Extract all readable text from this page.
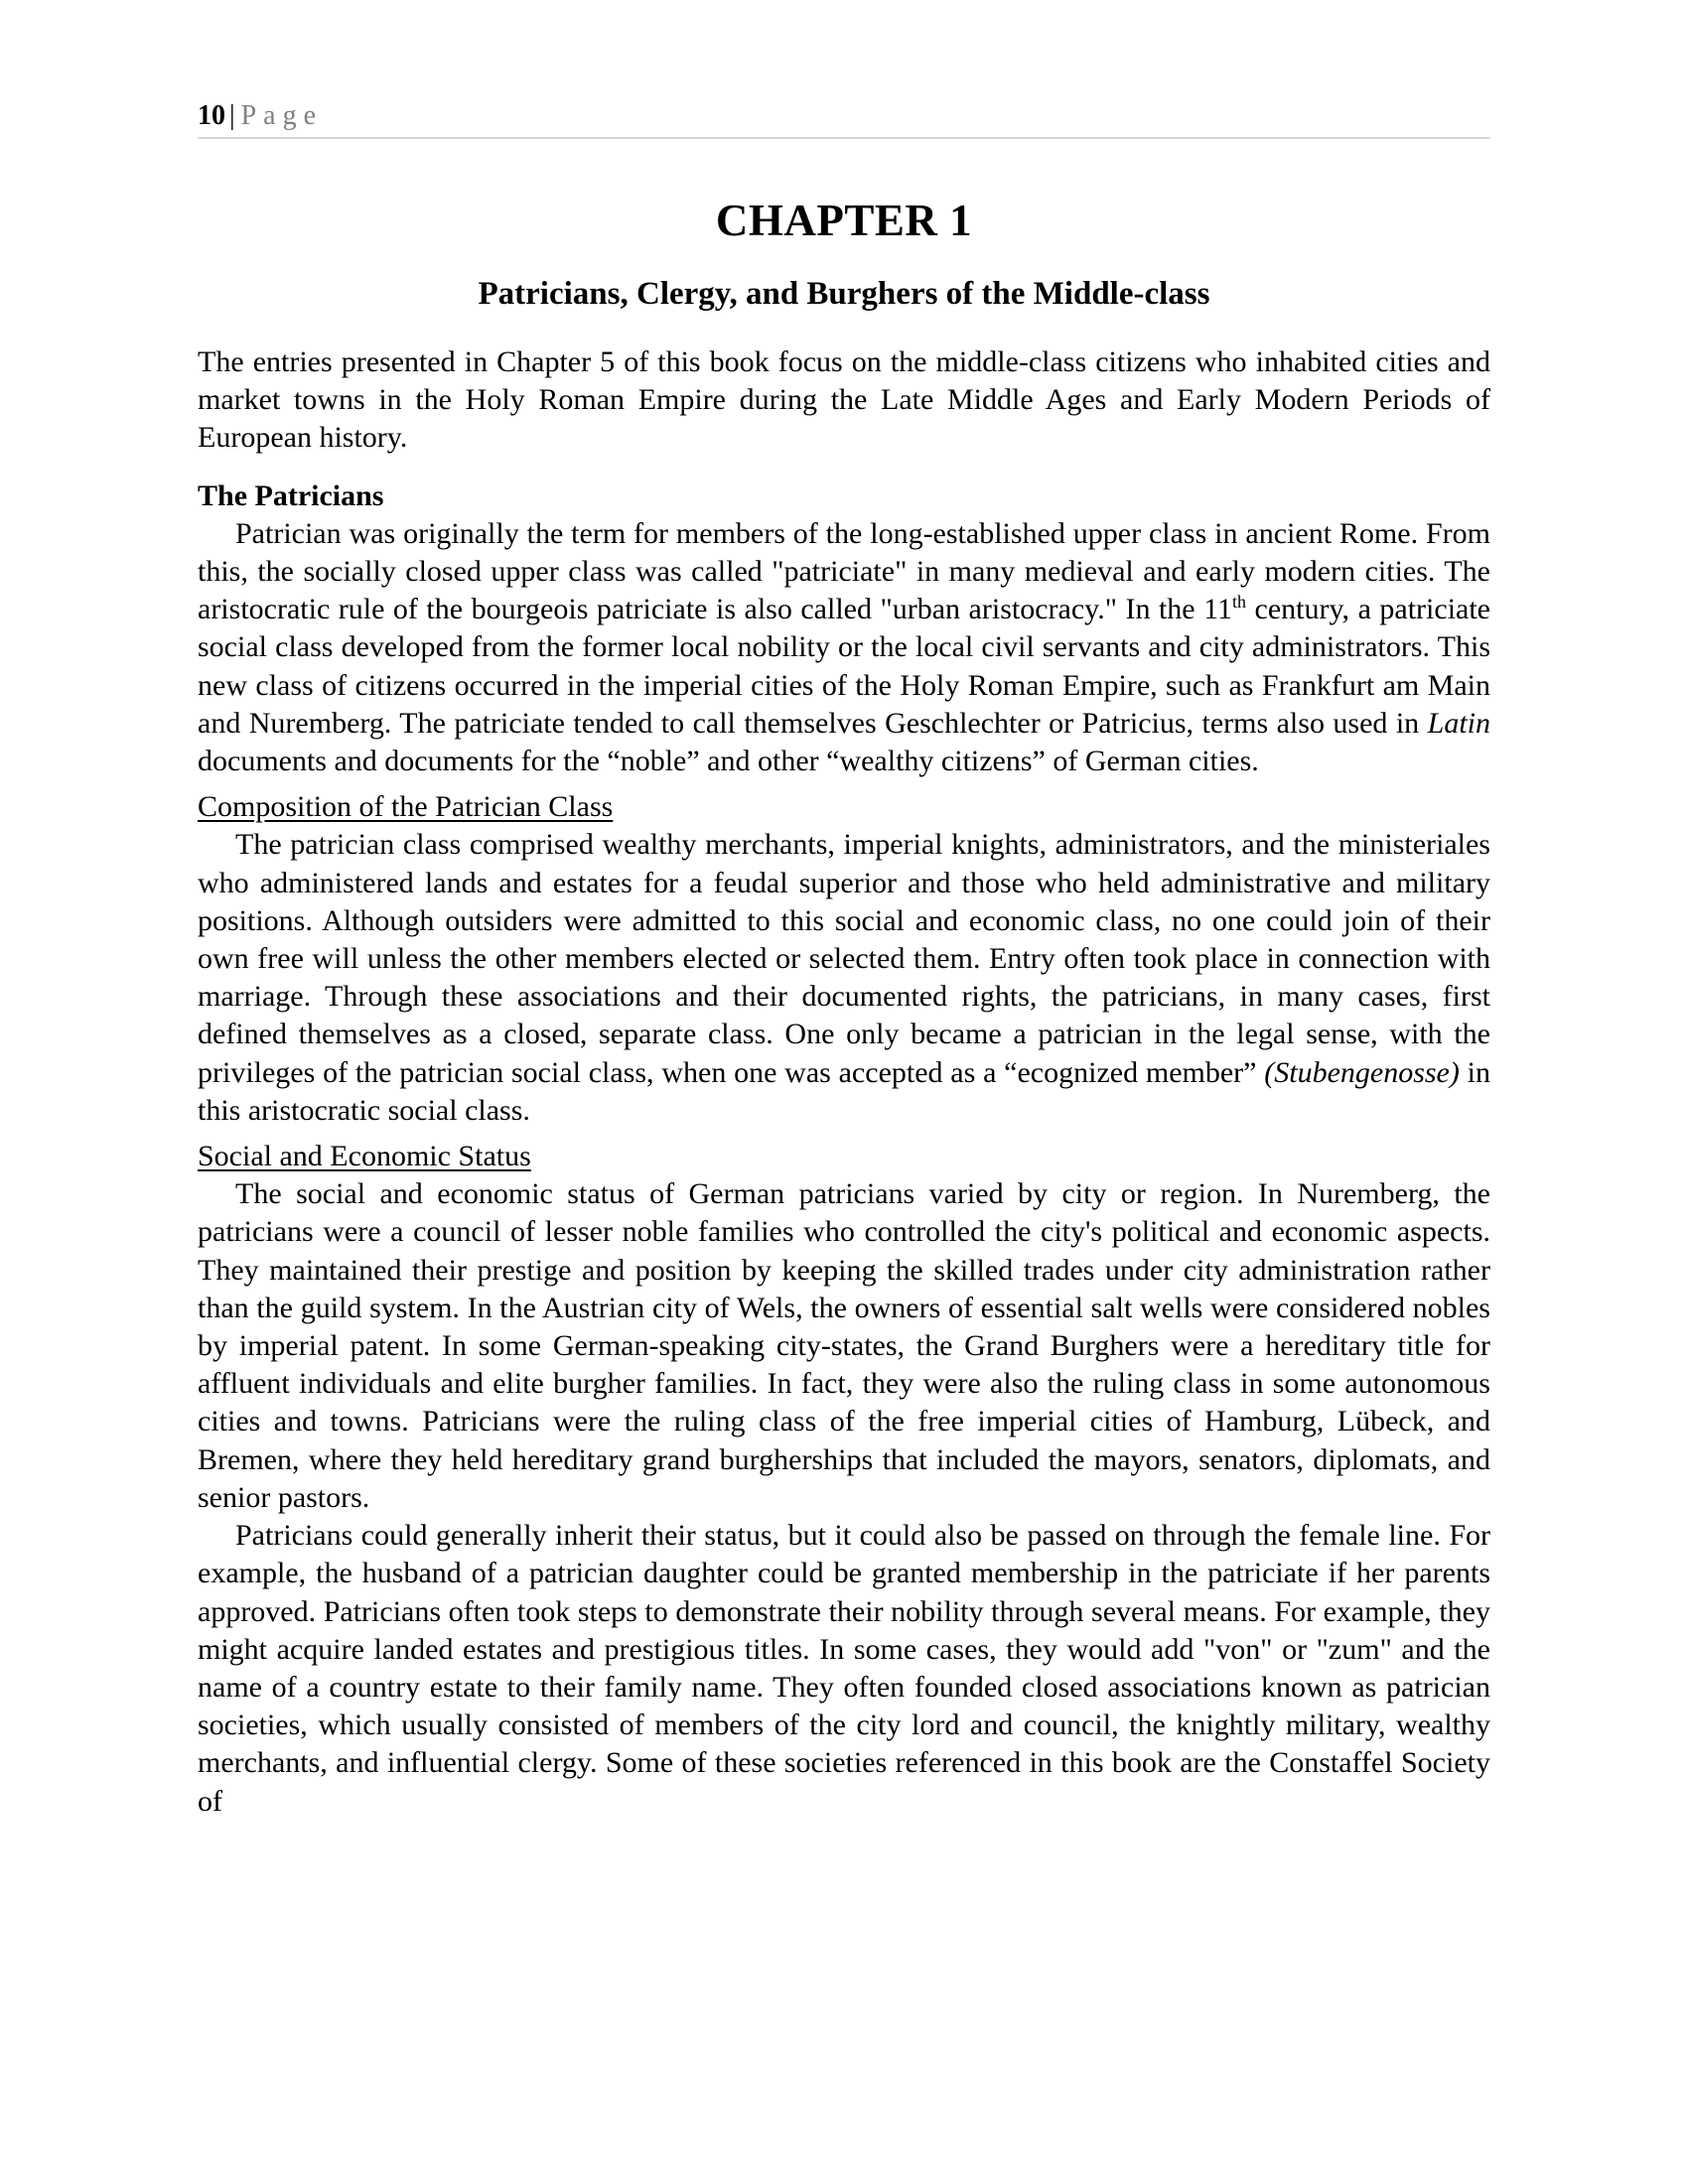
10 | Page
CHAPTER 1
Patricians, Clergy, and Burghers of the Middle-class

The entries presented in Chapter 5 of this book focus on the middle-class citizens who inhabited cities and market towns in the Holy Roman Empire during the Late Middle Ages and Early Modern Periods of European history.

The Patricians

Patrician was originally the term for members of the long-established upper class in ancient Rome. From this, the socially closed upper class was called "patriciate" in many medieval and early modern cities. The aristocratic rule of the bourgeois patriciate is also called "urban aristocracy." In the 11th century, a patriciate social class developed from the former local nobility or the local civil servants and city administrators. This new class of citizens occurred in the imperial cities of the Holy Roman Empire, such as Frankfurt am Main and Nuremberg. The patriciate tended to call themselves Geschlechter or Patricius, terms also used in Latin documents and documents for the “noble” and other “wealthy citizens” of German cities.

Composition of the Patrician Class

The patrician class comprised wealthy merchants, imperial knights, administrators, and the ministeriales who administered lands and estates for a feudal superior and those who held administrative and military positions. Although outsiders were admitted to this social and economic class, no one could join of their own free will unless the other members elected or selected them. Entry often took place in connection with marriage. Through these associations and their documented rights, the patricians, in many cases, first defined themselves as a closed, separate class. One only became a patrician in the legal sense, with the privileges of the patrician social class, when one was accepted as a “ecognized member” (Stubengenosse) in this aristocratic social class.

Social and Economic Status

The social and economic status of German patricians varied by city or region. In Nuremberg, the patricians were a council of lesser noble families who controlled the city's political and economic aspects. They maintained their prestige and position by keeping the skilled trades under city administration rather than the guild system. In the Austrian city of Wels, the owners of essential salt wells were considered nobles by imperial patent. In some German-speaking city-states, the Grand Burghers were a hereditary title for affluent individuals and elite burgher families. In fact, they were also the ruling class in some autonomous cities and towns. Patricians were the ruling class of the free imperial cities of Hamburg, Lübeck, and Bremen, where they held hereditary grand burgherships that included the mayors, senators, diplomats, and senior pastors.

Patricians could generally inherit their status, but it could also be passed on through the female line. For example, the husband of a patrician daughter could be granted membership in the patriciate if her parents approved. Patricians often took steps to demonstrate their nobility through several means. For example, they might acquire landed estates and prestigious titles. In some cases, they would add "von" or "zum" and the name of a country estate to their family name. They often founded closed associations known as patrician societies, which usually consisted of members of the city lord and council, the knightly military, wealthy merchants, and influential clergy. Some of these societies referenced in this book are the Constaffel Society of
